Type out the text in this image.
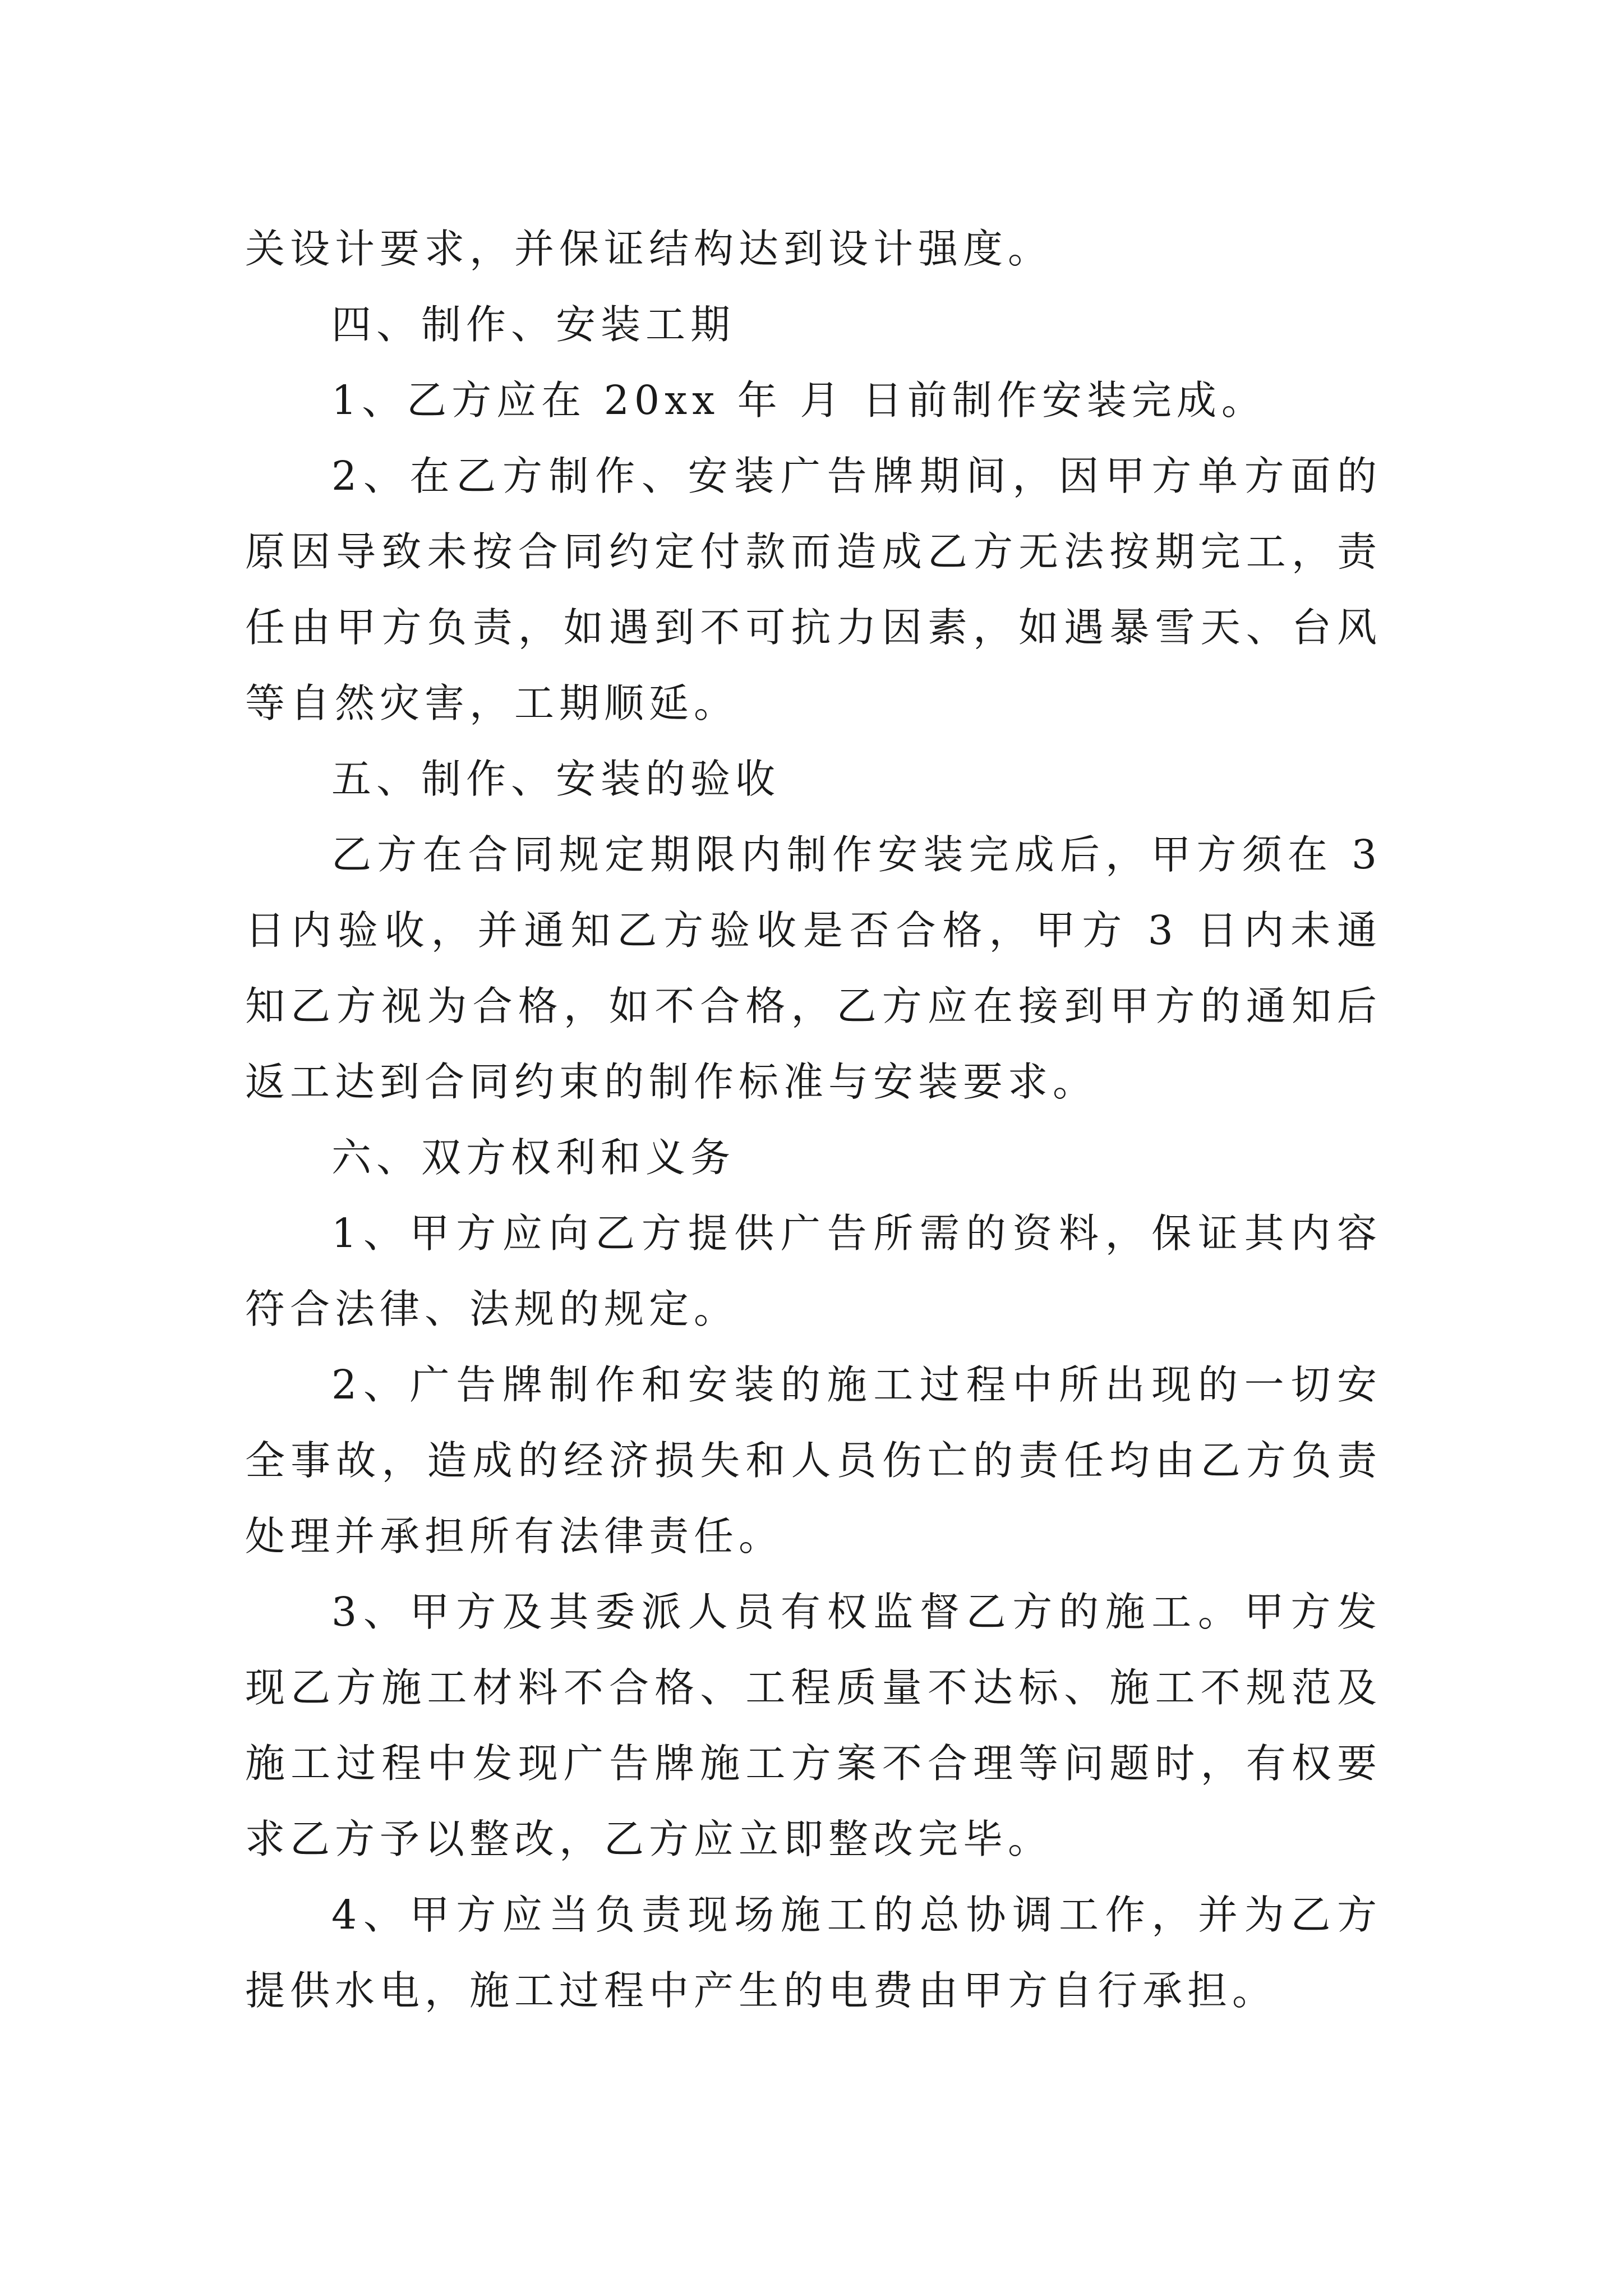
关设计要求，并保证结构达到设计强度。

四、制作、安装工期

1、乙方应在 20xx 年 月 日前制作安装完成。

2、在乙方制作、安装广告牌期间，因甲方单方面的原因导致未按合同约定付款而造成乙方无法按期完工，责任由甲方负责，如遇到不可抗力因素，如遇暴雪天、台风等自然灾害，工期顺延。

五、制作、安装的验收

乙方在合同规定期限内制作安装完成后，甲方须在 3 日内验收，并通知乙方验收是否合格，甲方 3 日内未通知乙方视为合格，如不合格，乙方应在接到甲方的通知后返工达到合同约束的制作标准与安装要求。

六、双方权利和义务

1、甲方应向乙方提供广告所需的资料，保证其内容符合法律、法规的规定。

2、广告牌制作和安装的施工过程中所出现的一切安全事故，造成的经济损失和人员伤亡的责任均由乙方负责处理并承担所有法律责任。

3、甲方及其委派人员有权监督乙方的施工。甲方发现乙方施工材料不合格、工程质量不达标、施工不规范及施工过程中发现广告牌施工方案不合理等问题时，有权要求乙方予以整改，乙方应立即整改完毕。

4、甲方应当负责现场施工的总协调工作，并为乙方提供水电，施工过程中产生的电费由甲方自行承担。
